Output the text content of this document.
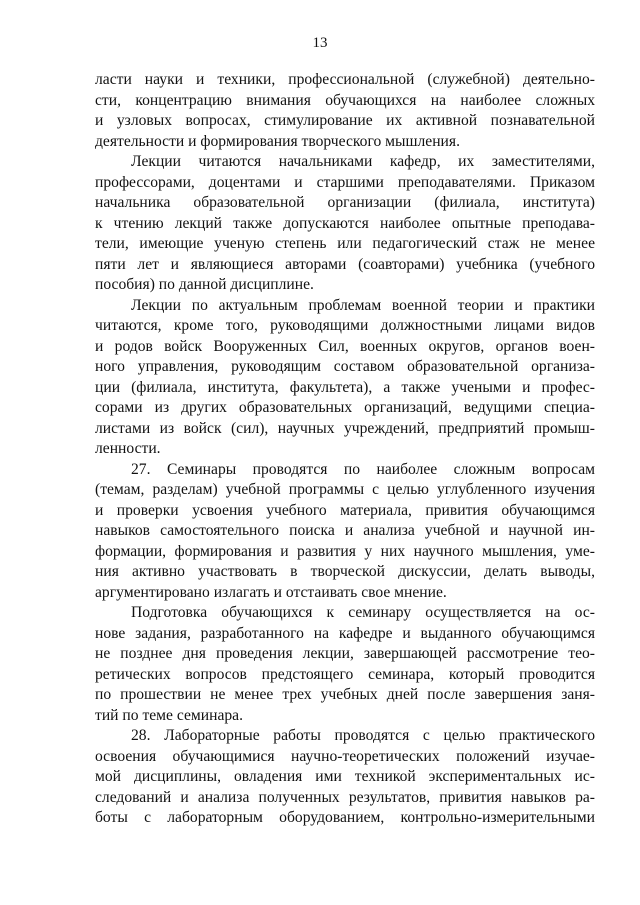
13
ласти науки и техники, профессиональной (служебной) деятельно-
сти, концентрацию внимания обучающихся на наиболее сложных
и узловых вопросах, стимулирование их активной познавательной
деятельности и формирования творческого мышления.
Лекции читаются начальниками кафедр, их заместителями,
профессорами, доцентами и старшими преподавателями. Приказом
начальника образовательной организации (филиала, института)
к чтению лекций также допускаются наиболее опытные преподава-
тели, имеющие ученую степень или педагогический стаж не менее
пяти лет и являющиеся авторами (соавторами) учебника (учебного
пособия) по данной дисциплине.
Лекции по актуальным проблемам военной теории и практики
читаются, кроме того, руководящими должностными лицами видов
и родов войск Вооруженных Сил, военных округов, органов воен-
ного управления, руководящим составом образовательной организа-
ции (филиала, института, факультета), а также учеными и профес-
сорами из других образовательных организаций, ведущими специа-
листами из войск (сил), научных учреждений, предприятий промыш-
ленности.
27. Семинары проводятся по наиболее сложным вопросам
(темам, разделам) учебной программы с целью углубленного изучения
и проверки усвоения учебного материала, привития обучающимся
навыков самостоятельного поиска и анализа учебной и научной ин-
формации, формирования и развития у них научного мышления, уме-
ния активно участвовать в творческой дискуссии, делать выводы,
аргументировано излагать и отстаивать свое мнение.
Подготовка обучающихся к семинару осуществляется на ос-
нове задания, разработанного на кафедре и выданного обучающимся
не позднее дня проведения лекции, завершающей рассмотрение тео-
ретических вопросов предстоящего семинара, который проводится
по прошествии не менее трех учебных дней после завершения заня-
тий по теме семинара.
28. Лабораторные работы проводятся с целью практического
освоения обучающимися научно-теоретических положений изучае-
мой дисциплины, овладения ими техникой экспериментальных ис-
следований и анализа полученных результатов, привития навыков ра-
боты с лабораторным оборудованием, контрольно-измерительными
